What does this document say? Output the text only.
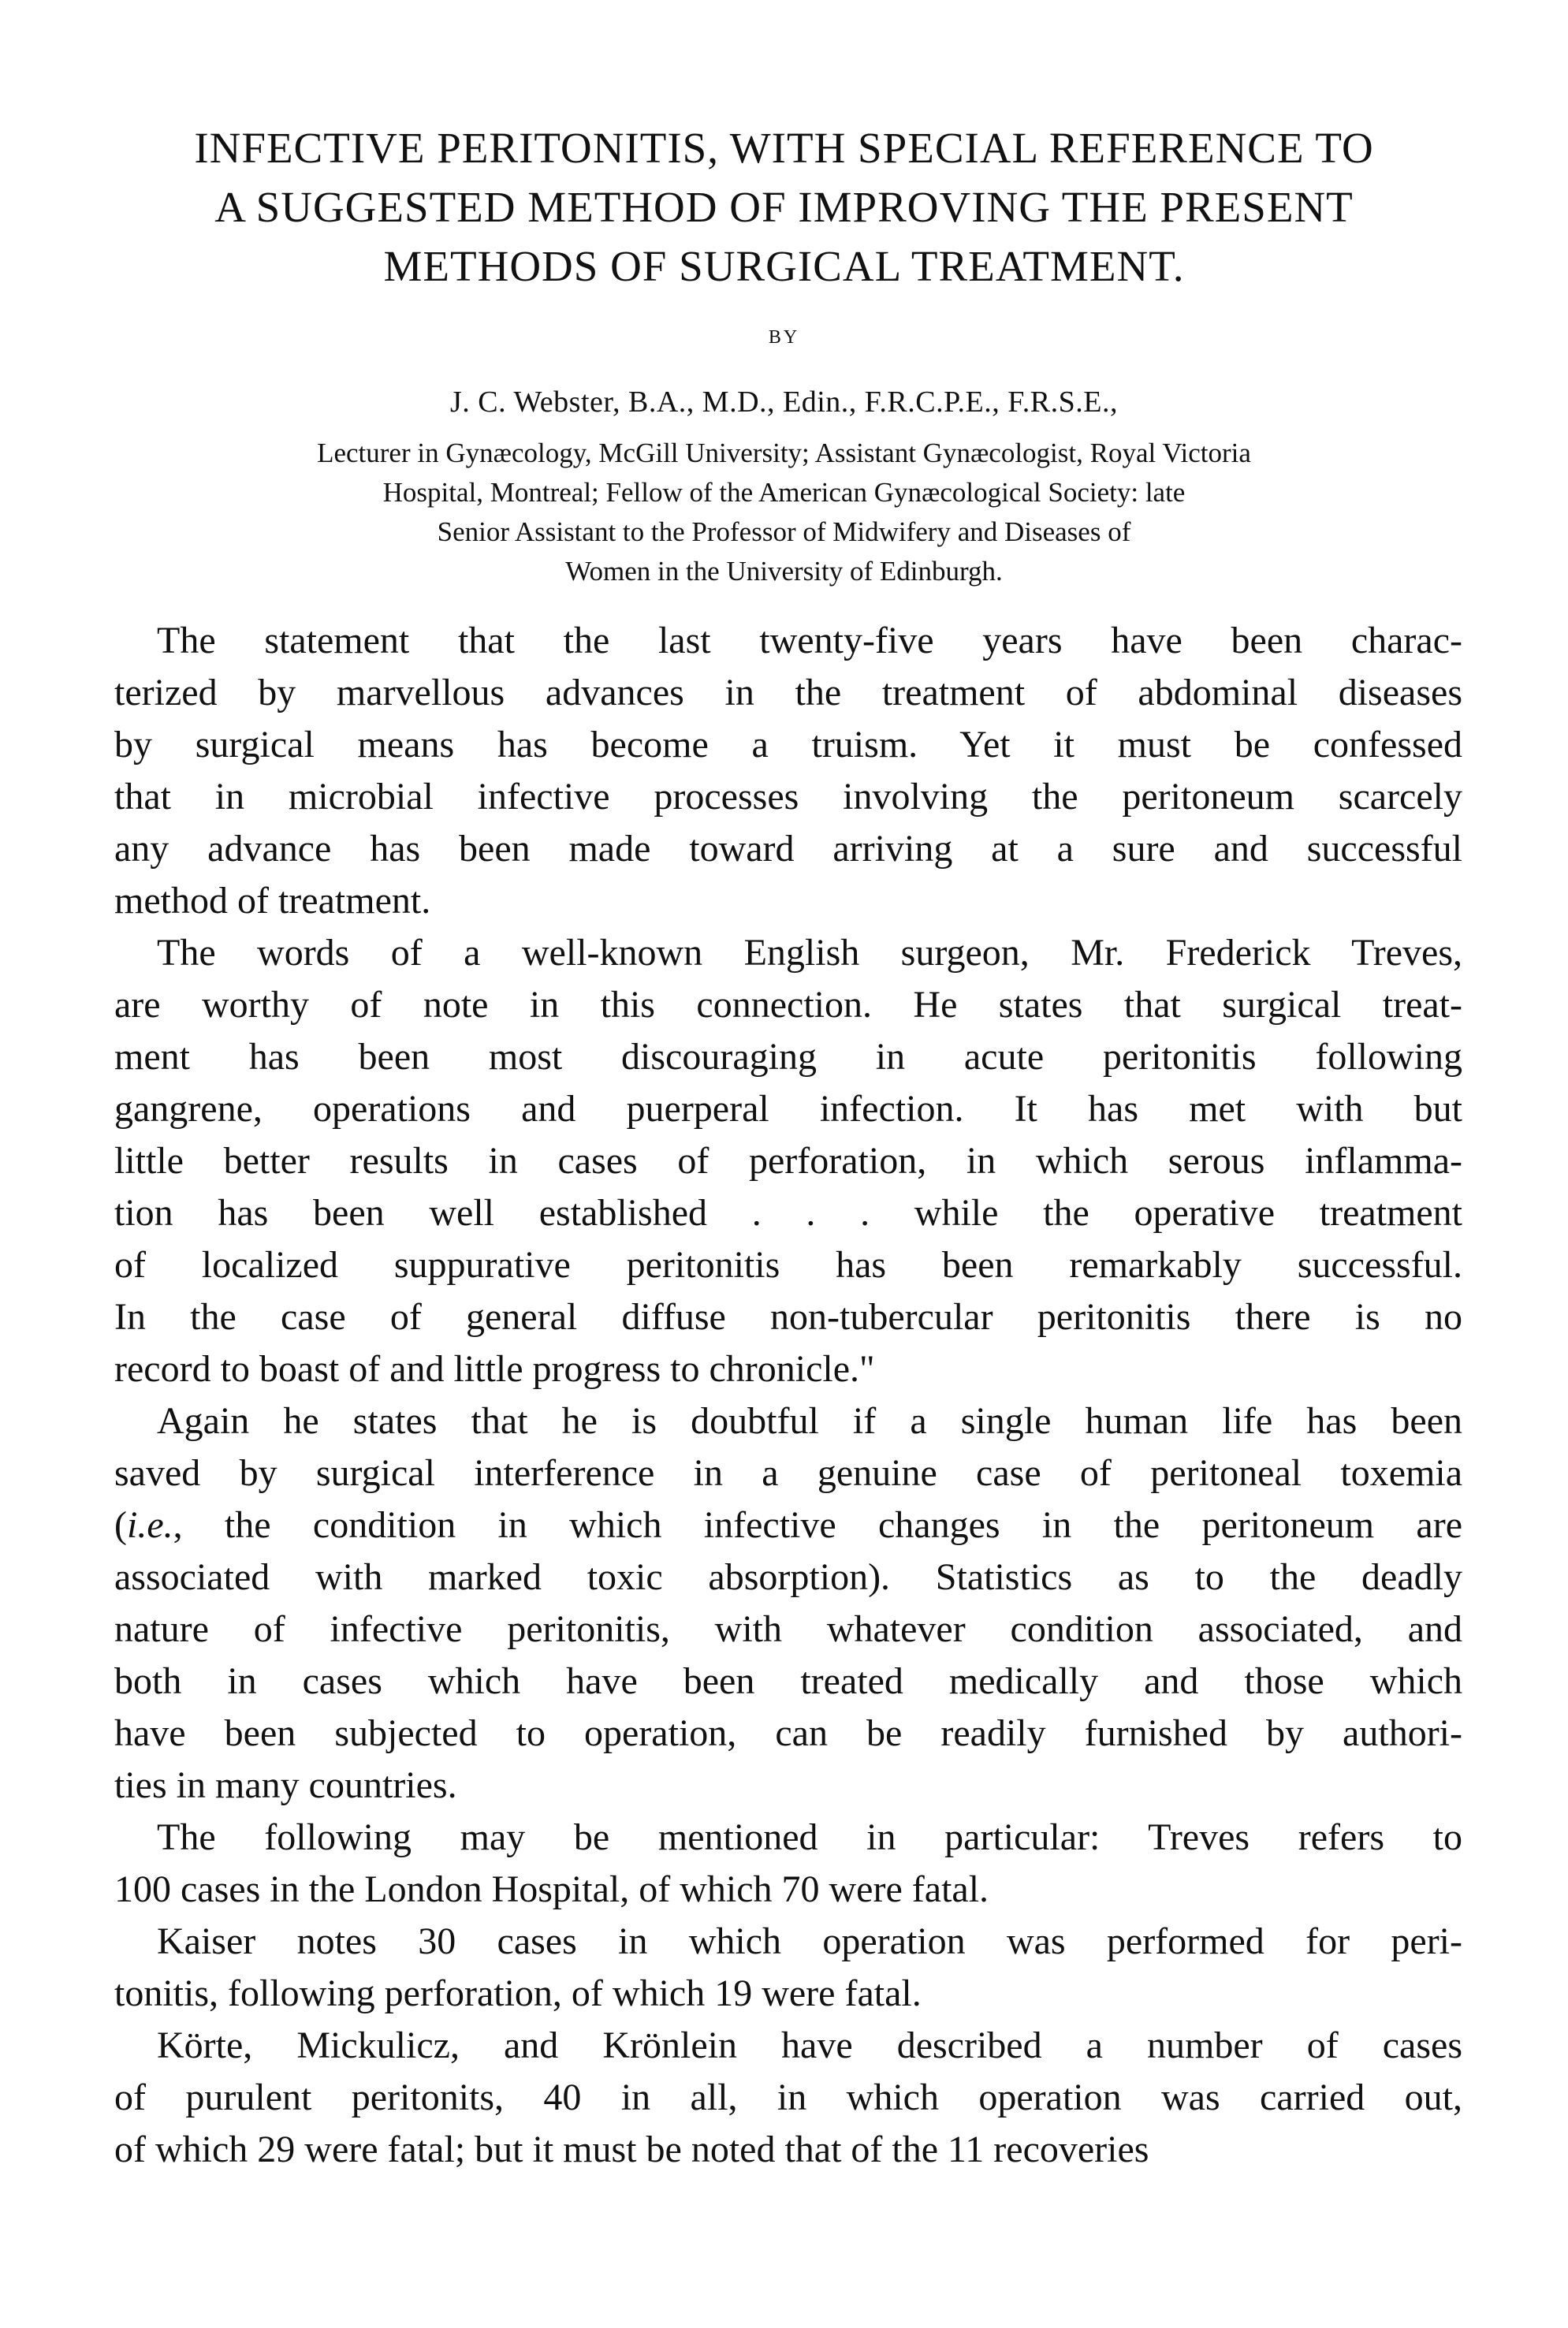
INFECTIVE PERITONITIS, WITH SPECIAL REFERENCE TO
A SUGGESTED METHOD OF IMPROVING THE PRESENT
METHODS OF SURGICAL TREATMENT.
BY
J. C. Webster, B.A., M.D., Edin., F.R.C.P.E., F.R.S.E.,
Lecturer in Gynæcology, McGill University; Assistant Gynæcologist, Royal Victoria
Hospital, Montreal; Fellow of the American Gynæcological Society: late
Senior Assistant to the Professor of Midwifery and Diseases of
Women in the University of Edinburgh.
The statement that the last twenty-five years have been charac-
terized by marvellous advances in the treatment of abdominal diseases
by surgical means has become a truism. Yet it must be confessed
that in microbial infective processes involving the peritoneum scarcely
any advance has been made toward arriving at a sure and successful
method of treatment.
The words of a well-known English surgeon, Mr. Frederick Treves,
are worthy of note in this connection. He states that surgical treat-
ment has been most discouraging in acute peritonitis following
gangrene, operations and puerperal infection. It has met with but
little better results in cases of perforation, in which serous inflamma-
tion has been well established . . . while the operative treatment
of localized suppurative peritonitis has been remarkably successful.
In the case of general diffuse non-tubercular peritonitis there is no
record to boast of and little progress to chronicle."
Again he states that he is doubtful if a single human life has been
saved by surgical interference in a genuine case of peritoneal toxemia
(i.e., the condition in which infective changes in the peritoneum are
associated with marked toxic absorption). Statistics as to the deadly
nature of infective peritonitis, with whatever condition associated, and
both in cases which have been treated medically and those which
have been subjected to operation, can be readily furnished by authori-
ties in many countries.
The following may be mentioned in particular: Treves refers to
100 cases in the London Hospital, of which 70 were fatal.
Kaiser notes 30 cases in which operation was performed for peri-
tonitis, following perforation, of which 19 were fatal.
Körte, Mickulicz, and Krönlein have described a number of cases
of purulent peritonits, 40 in all, in which operation was carried out,
of which 29 were fatal; but it must be noted that of the 11 recoveries
